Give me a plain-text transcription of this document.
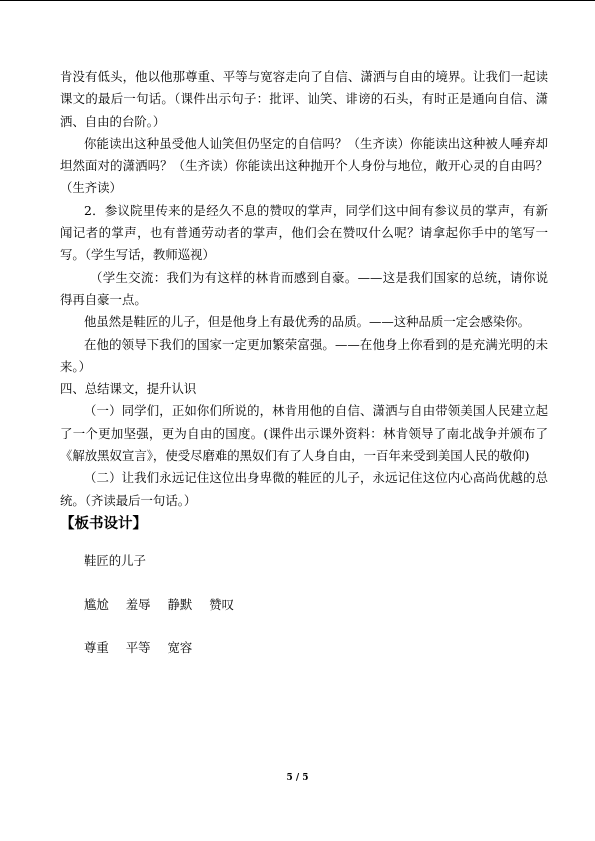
肯没有低头，他以他那尊重、平等与宽容走向了自信、潇洒与自由的境界。让我们一起读课文的最后一句话。（课件出示句子：批评、讪笑、诽谤的石头，有时正是通向自信、潇洒、自由的台阶。）

你能读出这种虽受他人讪笑但仍坚定的自信吗？（生齐读）你能读出这种被人唾弃却坦然面对的潇洒吗？（生齐读）你能读出这种抛开个人身份与地位，敞开心灵的自由吗？（生齐读）

2．参议院里传来的是经久不息的赞叹的掌声，同学们这中间有参议员的掌声，有新闻记者的掌声，也有普通劳动者的掌声，他们会在赞叹什么呢？请拿起你手中的笔写一写。（学生写话，教师巡视）

（学生交流：我们为有这样的林肯而感到自豪。——这是我们国家的总统，请你说得再自豪一点。

他虽然是鞋匠的儿子，但是他身上有最优秀的品质。——这种品质一定会感染你。

在他的领导下我们的国家一定更加繁荣富强。——在他身上你看到的是充满光明的未来。）

四、总结课文，提升认识

（一）同学们，正如你们所说的，林肯用他的自信、潇洒与自由带领美国人民建立起了一个更加坚强，更为自由的国度。(课件出示课外资料：林肯领导了南北战争并颁布了《解放黑奴宣言》，使受尽磨难的黑奴们有了人身自由，一百年来受到美国人民的敬仰)

（二）让我们永远记住这位出身卑微的鞋匠的儿子，永远记住这位内心高尚优越的总统。（齐读最后一句话。）

【板书设计】

鞋匠的儿子
尴尬 羞辱 静默 赞叹
尊重 平等 宽容
5 / 5
